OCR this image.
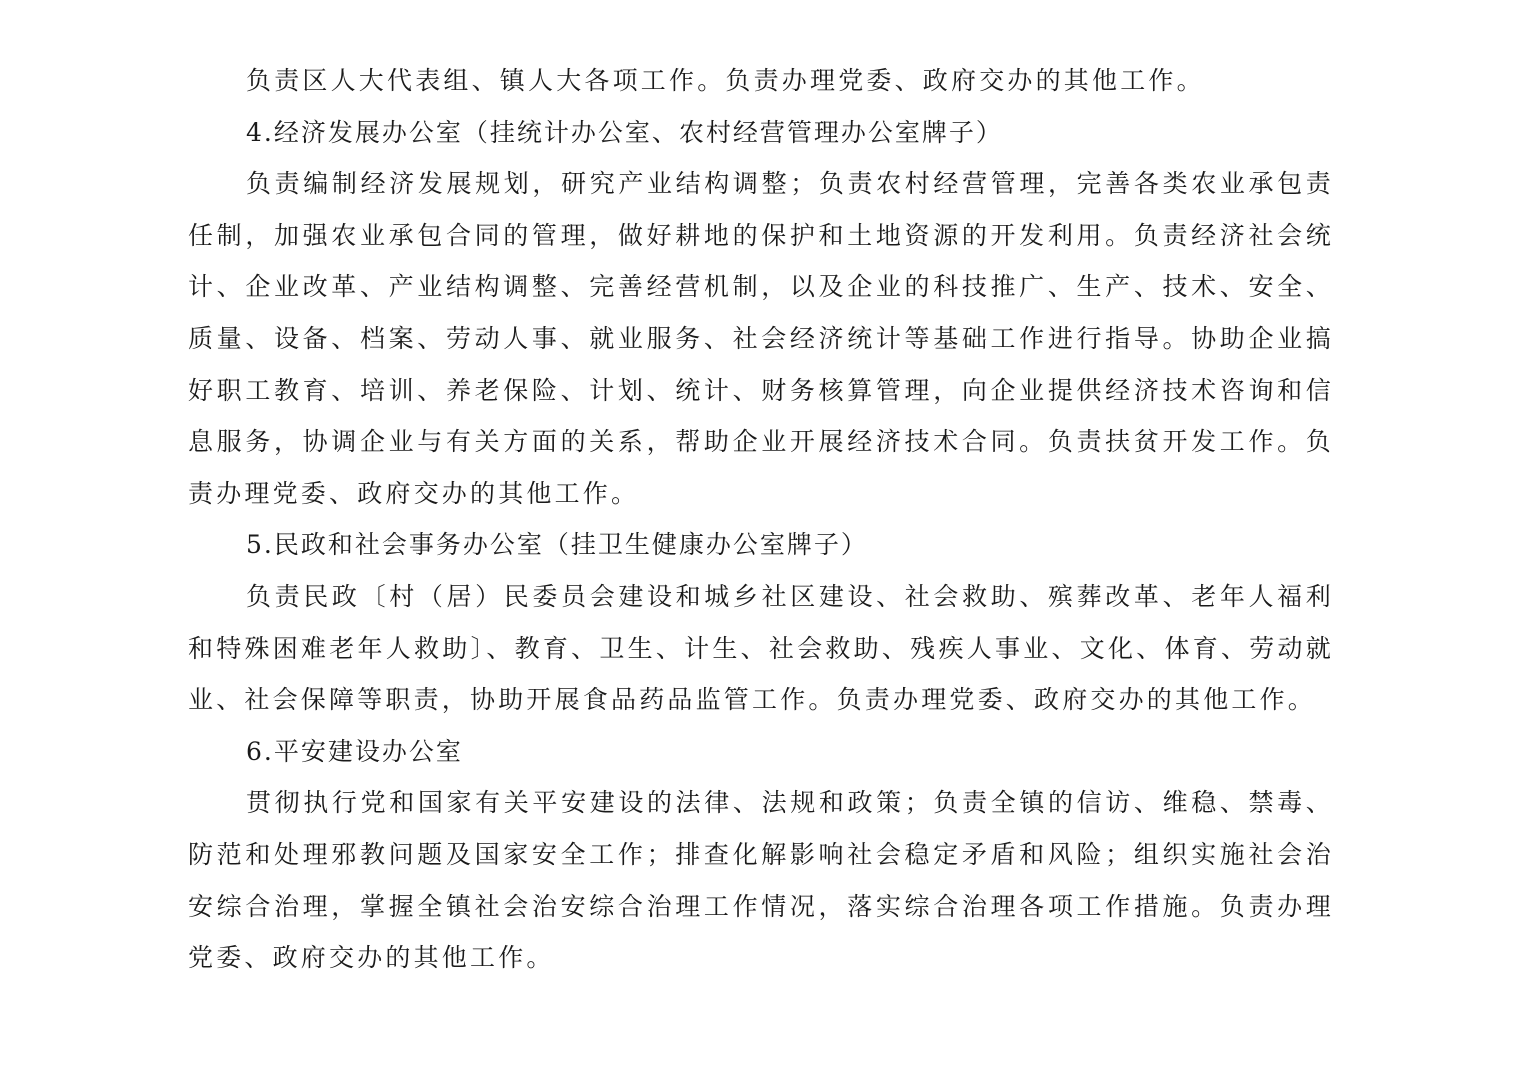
负责区人大代表组、镇人大各项工作。负责办理党委、政府交办的其他工作。

4.经济发展办公室（挂统计办公室、农村经营管理办公室牌子）

负责编制经济发展规划，研究产业结构调整；负责农村经营管理，完善各类农业承包责任制，加强农业承包合同的管理，做好耕地的保护和土地资源的开发利用。负责经济社会统计、企业改革、产业结构调整、完善经营机制，以及企业的科技推广、生产、技术、安全、质量、设备、档案、劳动人事、就业服务、社会经济统计等基础工作进行指导。协助企业搞好职工教育、培训、养老保险、计划、统计、财务核算管理，向企业提供经济技术咨询和信息服务，协调企业与有关方面的关系，帮助企业开展经济技术合同。负责扶贫开发工作。负责办理党委、政府交办的其他工作。

5.民政和社会事务办公室（挂卫生健康办公室牌子）

负责民政〔村（居）民委员会建设和城乡社区建设、社会救助、殡葬改革、老年人福利和特殊困难老年人救助〕、教育、卫生、计生、社会救助、残疾人事业、文化、体育、劳动就业、社会保障等职责，协助开展食品药品监管工作。负责办理党委、政府交办的其他工作。

6.平安建设办公室

贯彻执行党和国家有关平安建设的法律、法规和政策；负责全镇的信访、维稳、禁毒、防范和处理邪教问题及国家安全工作；排查化解影响社会稳定矛盾和风险；组织实施社会治安综合治理，掌握全镇社会治安综合治理工作情况，落实综合治理各项工作措施。负责办理党委、政府交办的其他工作。
